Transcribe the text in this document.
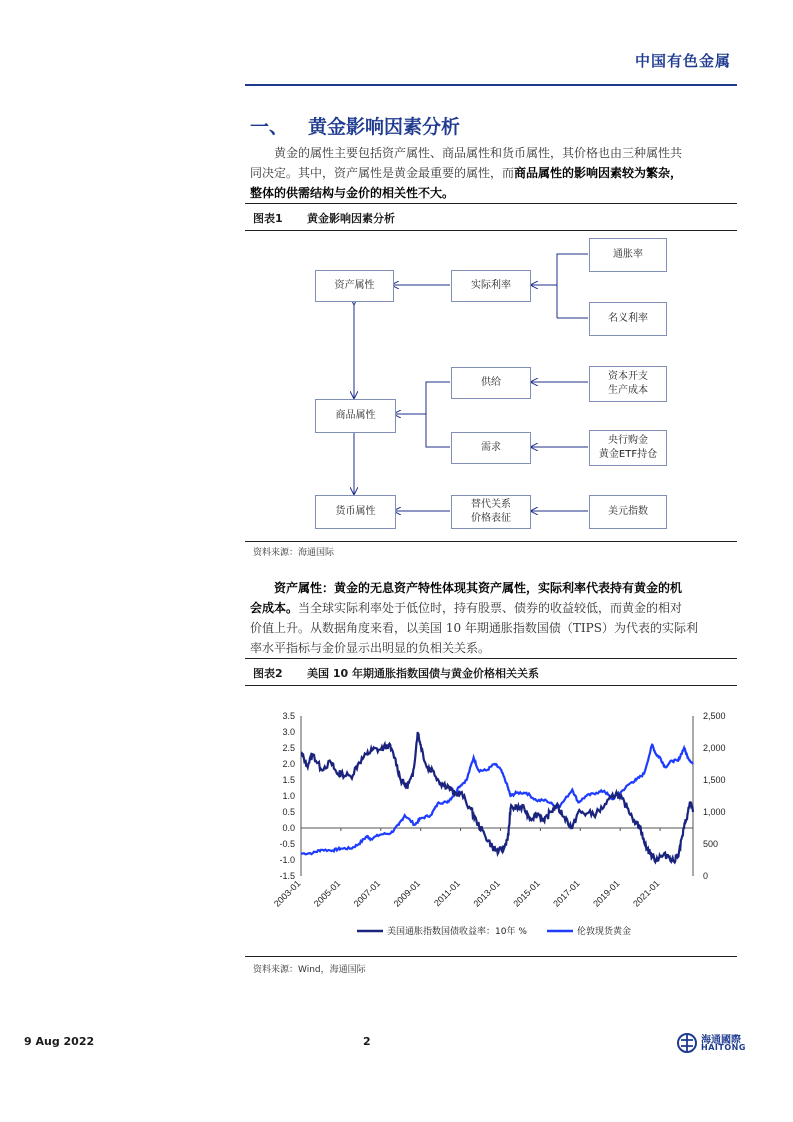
中国有色金属
一、 黄金影响因素分析
黄金的属性主要包括资产属性、商品属性和货币属性，其价格也由三种属性共
同决定。其中，资产属性是黄金最重要的属性，而商品属性的影响因素较为繁杂，
整体的供需结构与金价的相关性不大。
图表1 黄金影响因素分析
资产属性	实际利率
通胀率
名义利率
商品属性
供给
资本开支
生产成本
需求
央行购金
黄金ETF持仓
货币属性
替代关系
价格表征
美元指数
资料来源：海通国际
资产属性：黄金的无息资产特性体现其资产属性，实际利率代表持有黄金的机
会成本。当全球实际利率处于低位时，持有股票、债券的收益较低，而黄金的相对
价值上升。从数据角度来看，以美国 10 年期通胀指数国债（TIPS）为代表的实际利
率水平指标与金价显示出明显的负相关关系。
图表2 美国 10 年期通胀指数国债与黄金价格相关关系
3.5
3.0
2.5
2.0
1.5
1.0
0.5
0.0
-0.5
-1.0
-1.5
2,500
2,000
1,500
1,000
500
0
2003-01 2005-01 2007-01 2009-01 2011-01 2013-01 2015-01 2017-01 2019-01 2021-01
美国通胀指数国债收益率：10年 %	伦敦现货黄金
资料来源：Wind，海通国际
9 Aug 2022	2	海通國際
HAITONG
